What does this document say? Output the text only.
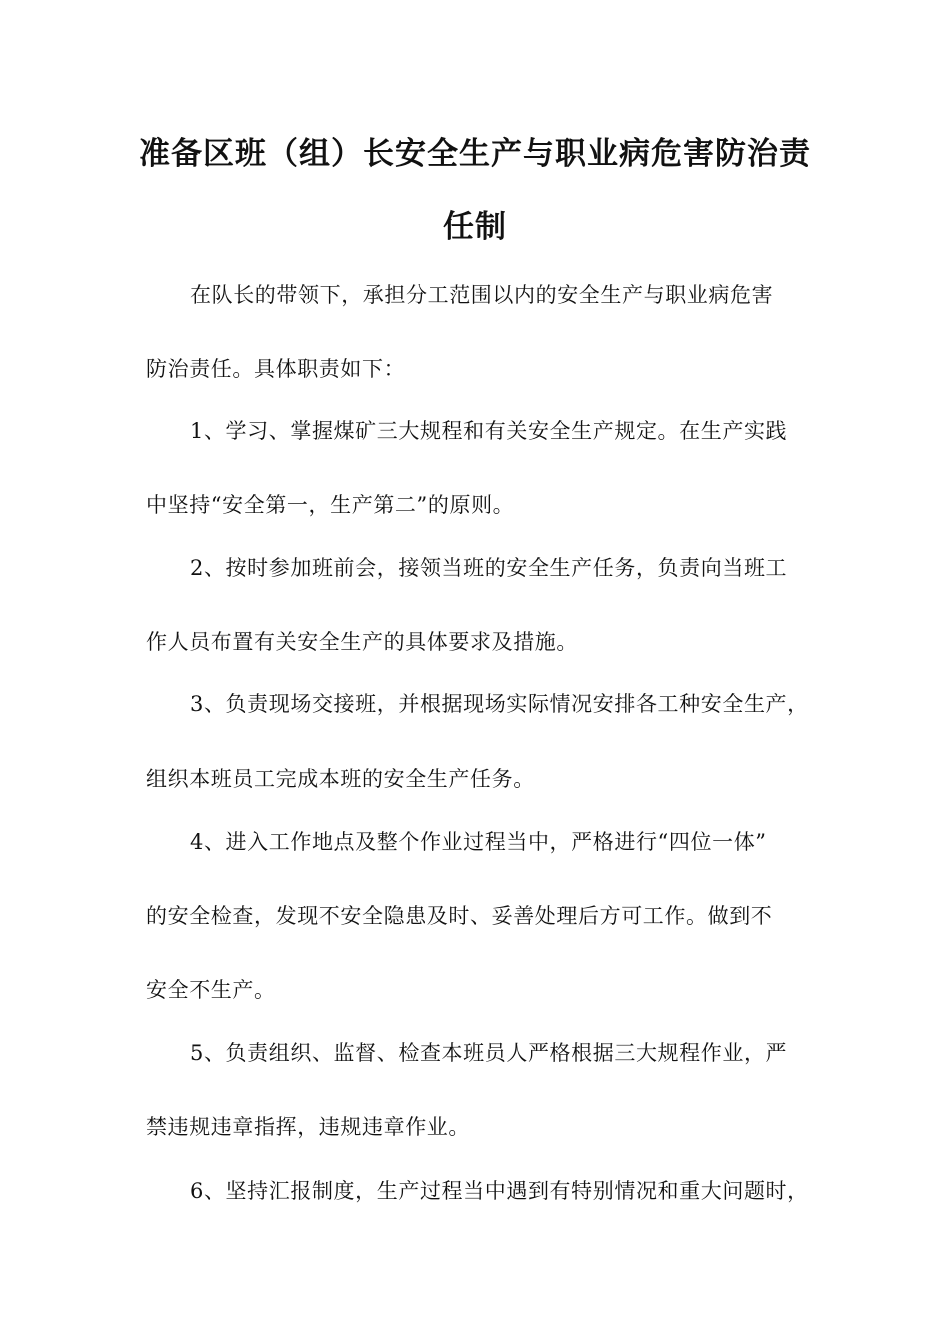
准备区班（组）长安全生产与职业病危害防治责
任制
在队长的带领下，承担分工范围以内的安全生产与职业病危害
防治责任。具体职责如下：
1、学习、掌握煤矿三大规程和有关安全生产规定。在生产实践
中坚持“安全第一，生产第二”的原则。
2、按时参加班前会，接领当班的安全生产任务，负责向当班工
作人员布置有关安全生产的具体要求及措施。
3、负责现场交接班，并根据现场实际情况安排各工种安全生产，
组织本班员工完成本班的安全生产任务。
4、进入工作地点及整个作业过程当中，严格进行“四位一体”
的安全检查，发现不安全隐患及时、妥善处理后方可工作。做到不
安全不生产。
5、负责组织、监督、检查本班员人严格根据三大规程作业，严
禁违规违章指挥，违规违章作业。
6、坚持汇报制度，生产过程当中遇到有特别情况和重大问题时，
